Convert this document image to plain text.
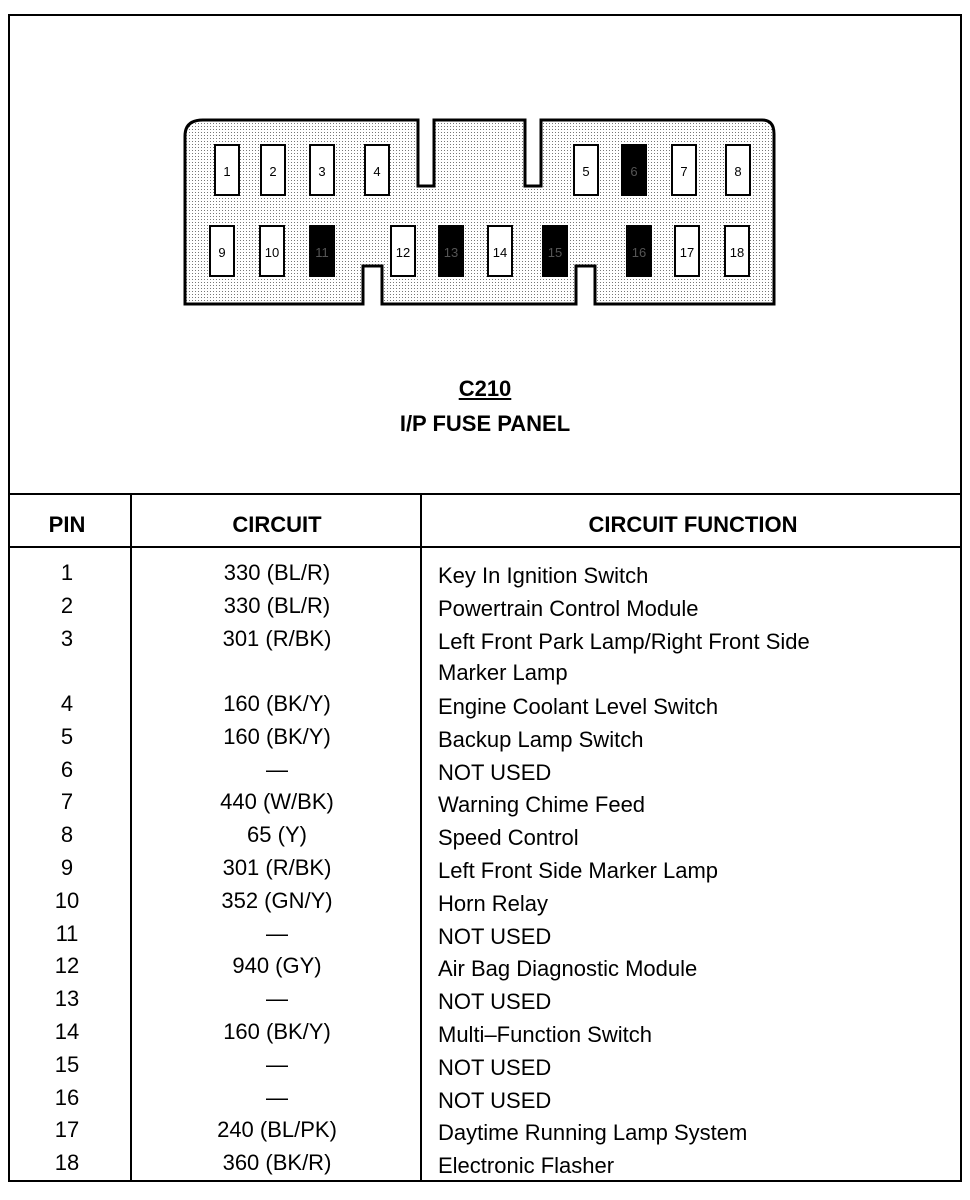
1	2	3	4	5	6	7	8
9	10	11	12	13	14	15	16	17	18
C210
I/P FUSE PANEL
PIN	CIRCUIT	CIRCUIT FUNCTION
1	330 (BL/R)	Key In Ignition Switch
2	330 (BL/R)	Powertrain Control Module
3	301 (R/BK)	Left Front Park Lamp/Right Front Side
Marker Lamp
4	160 (BK/Y)	Engine Coolant Level Switch
5	160 (BK/Y)	Backup Lamp Switch
6	—	NOT USED
7	440 (W/BK)	Warning Chime Feed
8	65 (Y)	Speed Control
9	301 (R/BK)	Left Front Side Marker Lamp
10	352 (GN/Y)	Horn Relay
11	—	NOT USED
12	940 (GY)	Air Bag Diagnostic Module
13	—	NOT USED
14	160 (BK/Y)	Multi–Function Switch
15	—	NOT USED
16	—	NOT USED
17	240 (BL/PK)	Daytime Running Lamp System
18	360 (BK/R)	Electronic Flasher
